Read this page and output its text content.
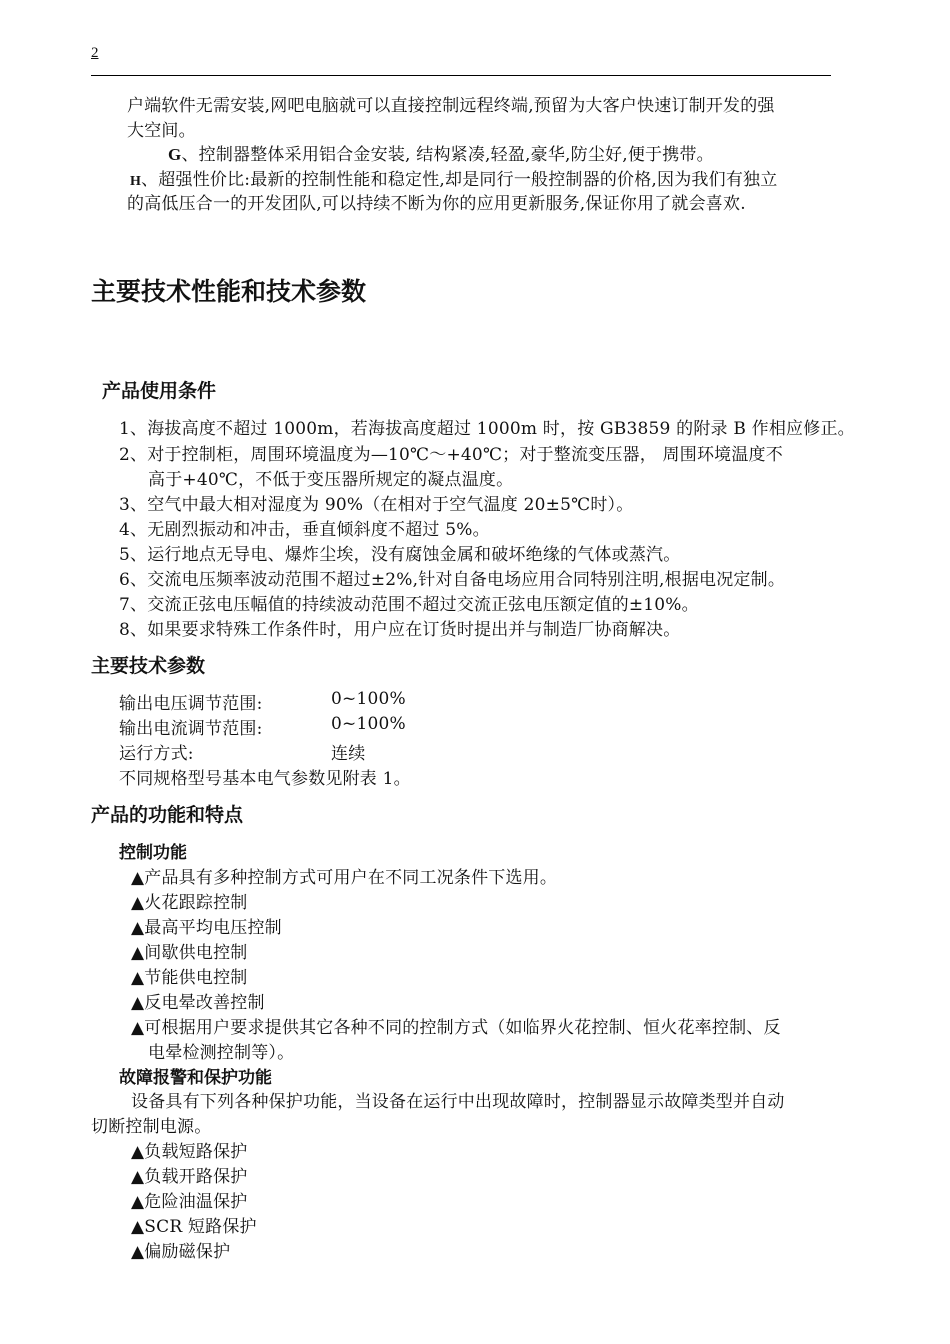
2
户端软件无需安装,网吧电脑就可以直接控制远程终端,预留为大客户快速订制开发的强
大空间。
G、控制器整体采用铝合金安装, 结构紧凑,轻盈,豪华,防尘好,便于携带。
H、超强性价比:最新的控制性能和稳定性,却是同行一般控制器的价格,因为我们有独立
的高低压合一的开发团队,可以持续不断为你的应用更新服务,保证你用了就会喜欢.
主要技术性能和技术参数
产品使用条件
1、海拔高度不超过 1000m，若海拔高度超过 1000m 时，按 GB3859 的附录 B 作相应修正。
2、对于控制柜，周围环境温度为—10℃～+40℃；对于整流变压器， 周围环境温度不
高于+40℃，不低于变压器所规定的凝点温度。
3、空气中最大相对湿度为 90%（在相对于空气温度 20±5℃时）。
4、无剧烈振动和冲击，垂直倾斜度不超过 5%。
5、运行地点无导电、爆炸尘埃，没有腐蚀金属和破坏绝缘的气体或蒸汽。
6、交流电压频率波动范围不超过±2%,针对自备电场应用合同特别注明,根据电况定制。
7、交流正弦电压幅值的持续波动范围不超过交流正弦电压额定值的±10%。
8、如果要求特殊工作条件时，用户应在订货时提出并与制造厂协商解决。
主要技术参数
输出电压调节范围:	0~100%
输出电流调节范围:	0~100%
运行方式:	连续
不同规格型号基本电气参数见附表 1。
产品的功能和特点
控制功能
▲产品具有多种控制方式可用户在不同工况条件下选用。
▲火花跟踪控制
▲最高平均电压控制
▲间歇供电控制
▲节能供电控制
▲反电晕改善控制
▲可根据用户要求提供其它各种不同的控制方式（如临界火花控制、恒火花率控制、反
电晕检测控制等）。
故障报警和保护功能
设备具有下列各种保护功能，当设备在运行中出现故障时，控制器显示故障类型并自动
切断控制电源。
▲负载短路保护
▲负载开路保护
▲危险油温保护
▲SCR 短路保护
▲偏励磁保护
